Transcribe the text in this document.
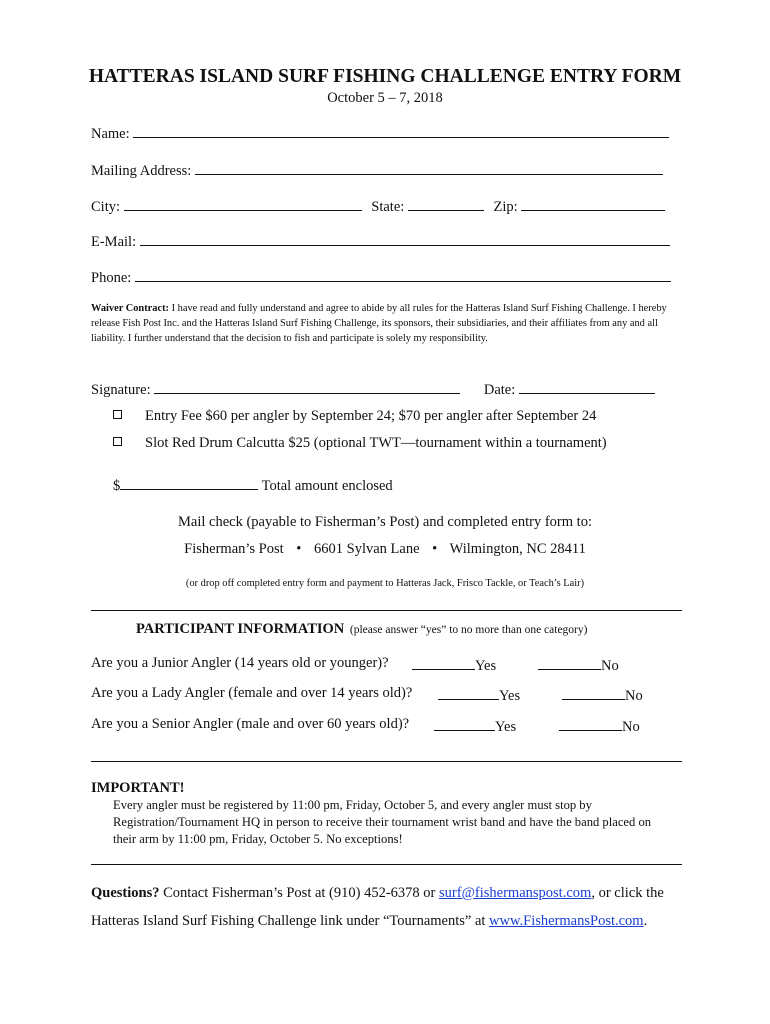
HATTERAS ISLAND SURF FISHING CHALLENGE ENTRY FORM
October 5 – 7, 2018
Name:
Mailing Address:
City:	State:	Zip:
E-Mail:
Phone:
Waiver Contract: I have read and fully understand and agree to abide by all rules for the Hatteras Island Surf Fishing Challenge. I hereby release Fish Post Inc. and the Hatteras Island Surf Fishing Challenge, its sponsors, their subsidiaries, and their affiliates from any and all liability. I further understand that the decision to fish and participate is solely my responsibility.
Signature:	Date:
Entry Fee $60 per angler by September 24; $70 per angler after September 24
Slot Red Drum Calcutta $25 (optional TWT—tournament within a tournament)
$	Total amount enclosed
Mail check (payable to Fisherman’s Post) and completed entry form to:
Fisherman’s Post • 6601 Sylvan Lane • Wilmington, NC 28411
(or drop off completed entry form and payment to Hatteras Jack, Frisco Tackle, or Teach’s Lair)
PARTICIPANT INFORMATION (please answer “yes” to no more than one category)
Are you a Junior Angler (14 years old or younger)?	Yes	No
Are you a Lady Angler (female and over 14 years old)?	Yes	No
Are you a Senior Angler (male and over 60 years old)?	Yes	No
IMPORTANT!
Every angler must be registered by 11:00 pm, Friday, October 5, and every angler must stop by Registration/Tournament HQ in person to receive their tournament wrist band and have the band placed on their arm by 11:00 pm, Friday, October 5. No exceptions!
Questions? Contact Fisherman’s Post at (910) 452-6378 or surf@fishermanspost.com, or click the
Hatteras Island Surf Fishing Challenge link under “Tournaments” at www.FishermansPost.com.
